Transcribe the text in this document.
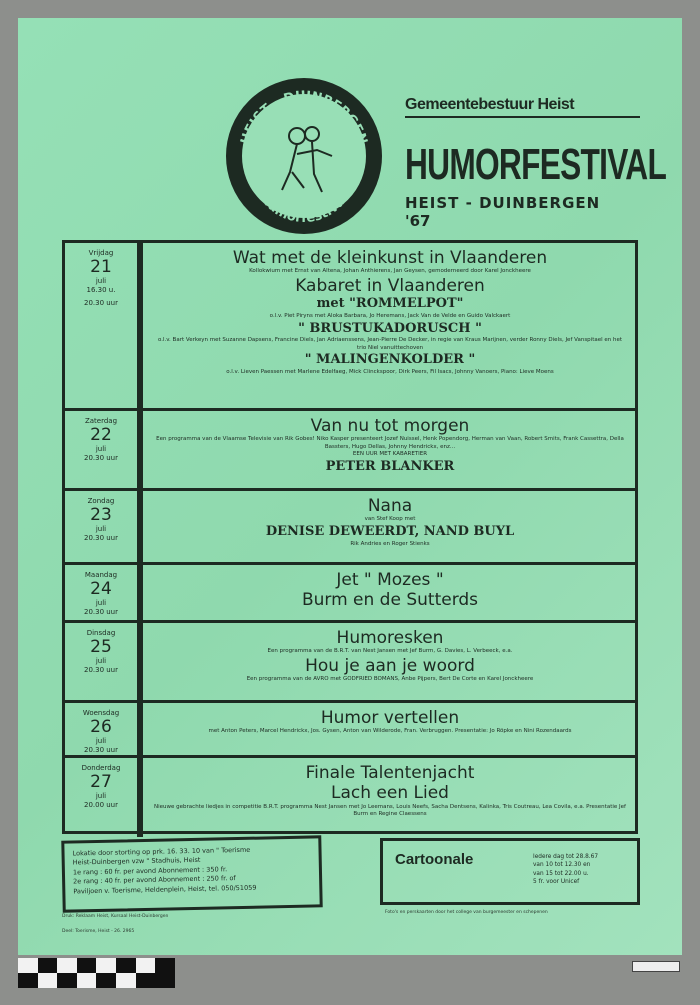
HEIST - DUINBERGEN
Humorfestival
Gemeentebestuur Heist
HUMORFESTIVAL
HEIST - DUINBERGEN
'67
Vrijdag
21
juli
16.30 u.
20.30 uur
Wat met de kleinkunst in Vlaanderen
Kollokwium met Ernst van Altena, Johan Anthierens, Jan Geysen, gemoderneerd door Karel Jonckheere
Kabaret in Vlaanderen
met "ROMMELPOT"
o.l.v. Piet Piryns met Aloka Barbara, Jo Heremans, Jack Van de Velde en Guido Valckaert
" BRUSTUKADORUSCH "
o.l.v. Bart Verkeyn met Suzanne Dapsens, Francine Diels, Jan Adriaenssens, Jean-Pierre De Decker, in regie van Kraus Marijnen, verder Ronny Diels, Jef Vanspitael en het trio Niel vanuittechoven
" MALINGENKOLDER "
o.l.v. Lieven Paessen met Marlene Edelfaeg, Mick Clinckspoor, Dirk Peers, Fil Isacs, Johnny Vanoers, Piano: Lieve Moens
Zaterdag
22
juli
20.30 uur
Van nu tot morgen
Een programma van de Vlaamse Televisie van Rik Gobes! Niko Kasper presenteert Jozef Nuissel, Henk Popendorg, Herman van Vaan, Robert Smits, Frank Cassettra, Della Bassters, Hugo Dellas, Johnny Hendrickx, enz...
EEN UUR MET KABARETIER
PETER BLANKER
Zondag
23
juli
20.30 uur
Nana
van Stef Koop met
DENISE DEWEERDT, NAND BUYL
Rik Andries en Roger Stienks
Maandag
24
juli
20.30 uur
Jet " Mozes "
Burm en de Sutterds
Dinsdag
25
juli
20.30 uur
Humoresken
Een programma van de B.R.T. van Nest Jansen met Jef Burm, G. Davies, L. Verbeeck, e.a.
Hou je aan je woord
Een programma van de AVRO met GODFRIED BOMANS, Anbe Pijpers, Bert De Corte en Karel Jonckheere
Woensdag
26
juli
20.30 uur
Humor vertellen
met Anton Peters, Marcel Hendrickx, Jos. Gysen, Anton van Wilderode, Fran. Verbruggen. Presentatie: Jo Röpke en Nini Rozendaards
Donderdag
27
juli
20.00 uur
Finale Talentenjacht
Lach een Lied
Nieuwe gebrachte liedjes in competitie B.R.T. programma Nest Jansen met Jo Leemans, Louis Neefs, Sacha Dentsens, Kalinka, Tris Coutreau, Lea Covila, e.a. Presentatie Jef Burm en Regine Claessens
Lokatie door storting op prk. 16. 33. 10 van " Toerisme
Heist-Duinbergen vzw " Stadhuis, Heist
1e rang : 60 fr. per avond Abonnement : 350 fr.
2e rang : 40 fr. per avond Abonnement : 250 fr. of
Paviljoen v. Toerisme, Heldenplein, Heist, tel. 050/51059
Cartoonale	Iedere dag tot 28.8.67
van 10 tot 12.30 en
van 15 tot 22.00 u.
5 fr. voor Unicef
Druk: Reklaam Heist, Kursaal Heist-Duinbergen
Deel: Toerisme, Heist - 26. 2965
Foto's en perskaarten door het college van burgemeester en schepenen
